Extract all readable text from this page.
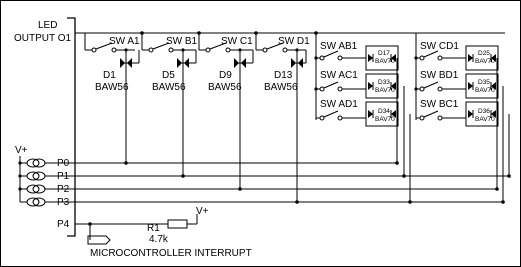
LED
OUTPUT O1	SW A1
D1
BAW56
SW B1
D5
BAW56
SW C1
D9
BAW56
SW D1
D13
BAW56
SW AB1
D17
BAV70
SW AC1
D33
BAV70
SW AD1
D34
BAV70
SW CD1
D25
BAV70
SW BD1
D35
BAV70
SW BC1
D36
BAV70
P0
P1
P2
P3
P4
V+
V+
R1
4.7k
MICROCONTROLLER INTERRUPT
